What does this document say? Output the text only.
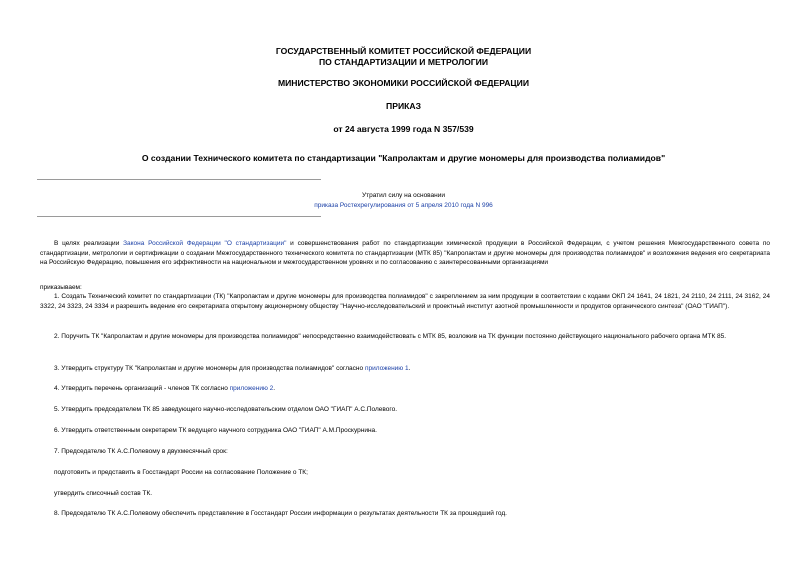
ГОСУДАРСТВЕННЫЙ КОМИТЕТ РОССИЙСКОЙ ФЕДЕРАЦИИ
ПО СТАНДАРТИЗАЦИИ И МЕТРОЛОГИИ
МИНИСТЕРСТВО ЭКОНОМИКИ РОССИЙСКОЙ ФЕДЕРАЦИИ
ПРИКАЗ
от 24 августа 1999 года N 357/539
О создании Технического комитета по стандартизации "Капролактам и другие мономеры для производства полиамидов"
Утратил силу на основании
приказа Ростехрегулирования от 5 апреля 2010 года N 996
В целях реализации Закона Российской Федерации "О стандартизации" и совершенствования работ по стандартизации химической продукции в Российской Федерации, с учетом решения Межгосударственного совета по стандартизации, метрологии и сертификации о создании Межгосударственного технического комитета по стандартизации (МТК 85) "Капролактам и другие мономеры для производства полиамидов" и возложения ведения его секретариата на Российскую Федерацию, повышения его эффективности на национальном и межгосударственном уровнях и по согласованию с заинтересованными организациями
приказываем:
1. Создать Технический комитет по стандартизации (ТК) "Капролактам и другие мономеры для производства полиамидов" с закреплением за ним продукции в соответствии с кодами ОКП 24 1641, 24 1821, 24 2110, 24 2111, 24 3162, 24 3322, 24 3323, 24 3334 и разрешить ведение его секретариата открытому акционерному обществу "Научно-исследовательский и проектный институт азотной промышленности и продуктов органического синтеза" (ОАО "ГИАП").
2. Поручить ТК "Капролактам и другие мономеры для производства полиамидов" непосредственно взаимодействовать с МТК 85, возложив на ТК функции постоянно действующего национального рабочего органа МТК 85.
3. Утвердить структуру ТК "Капролактам и другие мономеры для производства полиамидов" согласно приложению 1.
4. Утвердить перечень организаций - членов ТК согласно приложению 2.
5. Утвердить председателем ТК 85 заведующего научно-исследовательским отделом ОАО "ГИАП" А.С.Полевого.
6. Утвердить ответственным секретарем ТК ведущего научного сотрудника ОАО "ГИАП" А.М.Проскурнина.
7. Председателю ТК А.С.Полевому в двухмесячный срок:
подготовить и представить в Госстандарт России на согласование Положение о ТК;
утвердить списочный состав ТК.
8. Председателю ТК А.С.Полевому обеспечить представление в Госстандарт России информации о результатах деятельности ТК за прошедший год.
